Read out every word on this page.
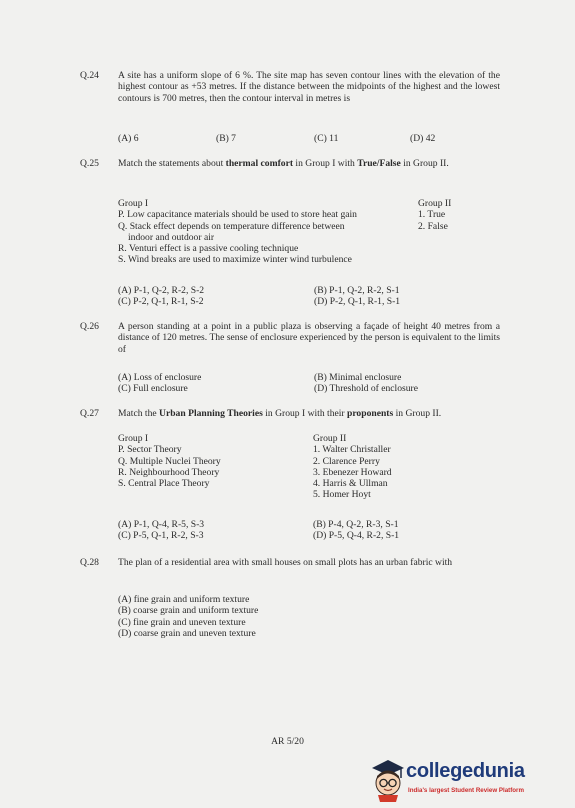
Q.24	A site has a uniform slope of 6 %. The site map has seven contour lines with the elevation of the highest contour as +53 metres. If the distance between the midpoints of the highest and the lowest contours is 700 metres, then the contour interval in metres is
(A) 6	(B) 7	(C) 11	(D) 42
Q.25	Match the statements about thermal comfort in Group I with True/False in Group II.
Group I
P. Low capacitance materials should be used to store heat gain
Q. Stack effect depends on temperature difference between
indoor and outdoor air
R. Venturi effect is a passive cooling technique
S. Wind breaks are used to maximize winter wind turbulence
Group II
1. True
2. False
(A) P-1, Q-2, R-2, S-2	(B) P-1, Q-2, R-2, S-1
(C) P-2, Q-1, R-1, S-2	(D) P-2, Q-1, R-1, S-1
Q.26	A person standing at a point in a public plaza is observing a façade of height 40 metres from a distance of 120 metres. The sense of enclosure experienced by the person is equivalent to the limits of
(A) Loss of enclosure	(B) Minimal enclosure
(C) Full enclosure	(D) Threshold of enclosure
Q.27	Match the Urban Planning Theories in Group I with their proponents in Group II.
Group I
P. Sector Theory
Q. Multiple Nuclei Theory
R. Neighbourhood Theory
S. Central Place Theory
Group II
1. Walter Christaller
2. Clarence Perry
3. Ebenezer Howard
4. Harris & Ullman
5. Homer Hoyt
(A) P-1, Q-4, R-5, S-3	(B) P-4, Q-2, R-3, S-1
(C) P-5, Q-1, R-2, S-3	(D) P-5, Q-4, R-2, S-1
Q.28	The plan of a residential area with small houses on small plots has an urban fabric with
(A) fine grain and uniform texture
(B) coarse grain and uniform texture
(C) fine grain and uneven texture
(D) coarse grain and uneven texture
AR 5/20
collegedunia
India's largest Student Review Platform
